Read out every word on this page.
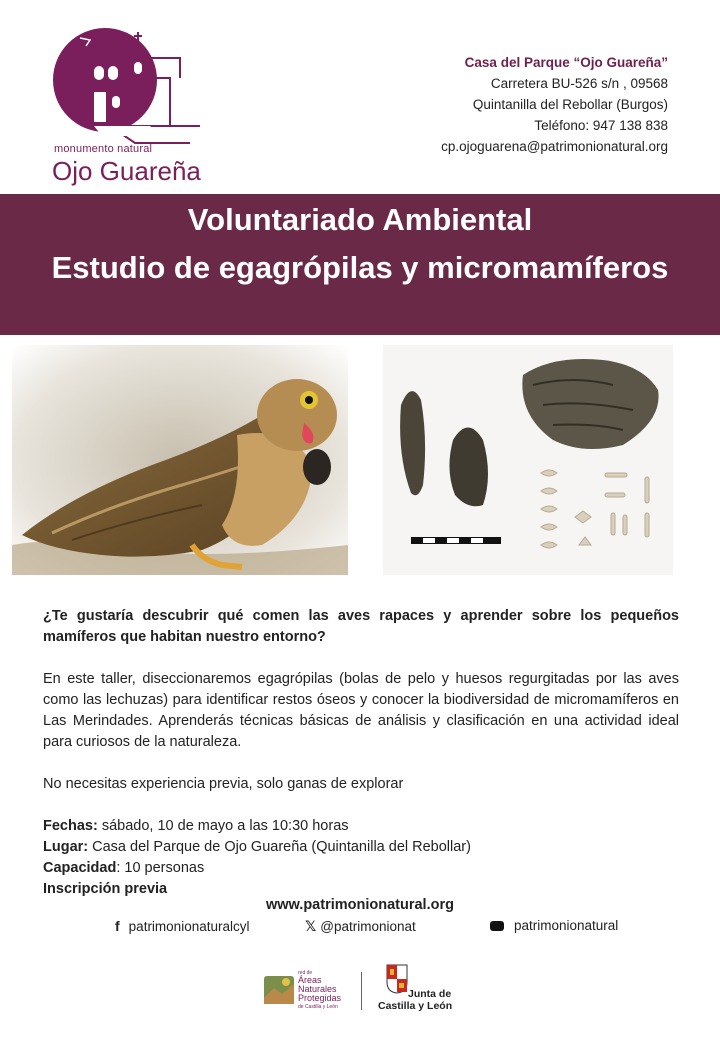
monumento natural
Ojo Guareña
Casa del Parque “Ojo Guareña”
Carretera BU-526 s/n , 09568
Quintanilla del Rebollar (Burgos)
Teléfono: 947 138 838
cp.ojoguarena@patrimonionatural.org
Voluntariado Ambiental
Estudio de egagrópilas y micromamíferos

¿Te gustaría descubrir qué comen las aves rapaces y aprender sobre los pequeños mamíferos que habitan nuestro entorno?

En este taller, diseccionaremos egagrópilas (bolas de pelo y huesos regurgitadas por las aves como las lechuzas) para identificar restos óseos y conocer la biodiversidad de micromamíferos en Las Merindades. Aprenderás técnicas básicas de análisis y clasificación en una actividad ideal para curiosos de la naturaleza.

No necesitas experiencia previa, solo ganas de explorar

Fechas: sábado, 10 de mayo a las 10:30 horas
Lugar: Casa del Parque de Ojo Guareña (Quintanilla del Rebollar)
Capacidad: 10 personas
Inscripción previa
www.patrimonionatural.org
f patrimonionaturalcyl	𝕏 @patrimonionat	patrimonionatural
red de
Áreas
Naturales
Protegidas
de Castilla y León
Junta de
Castilla y León
